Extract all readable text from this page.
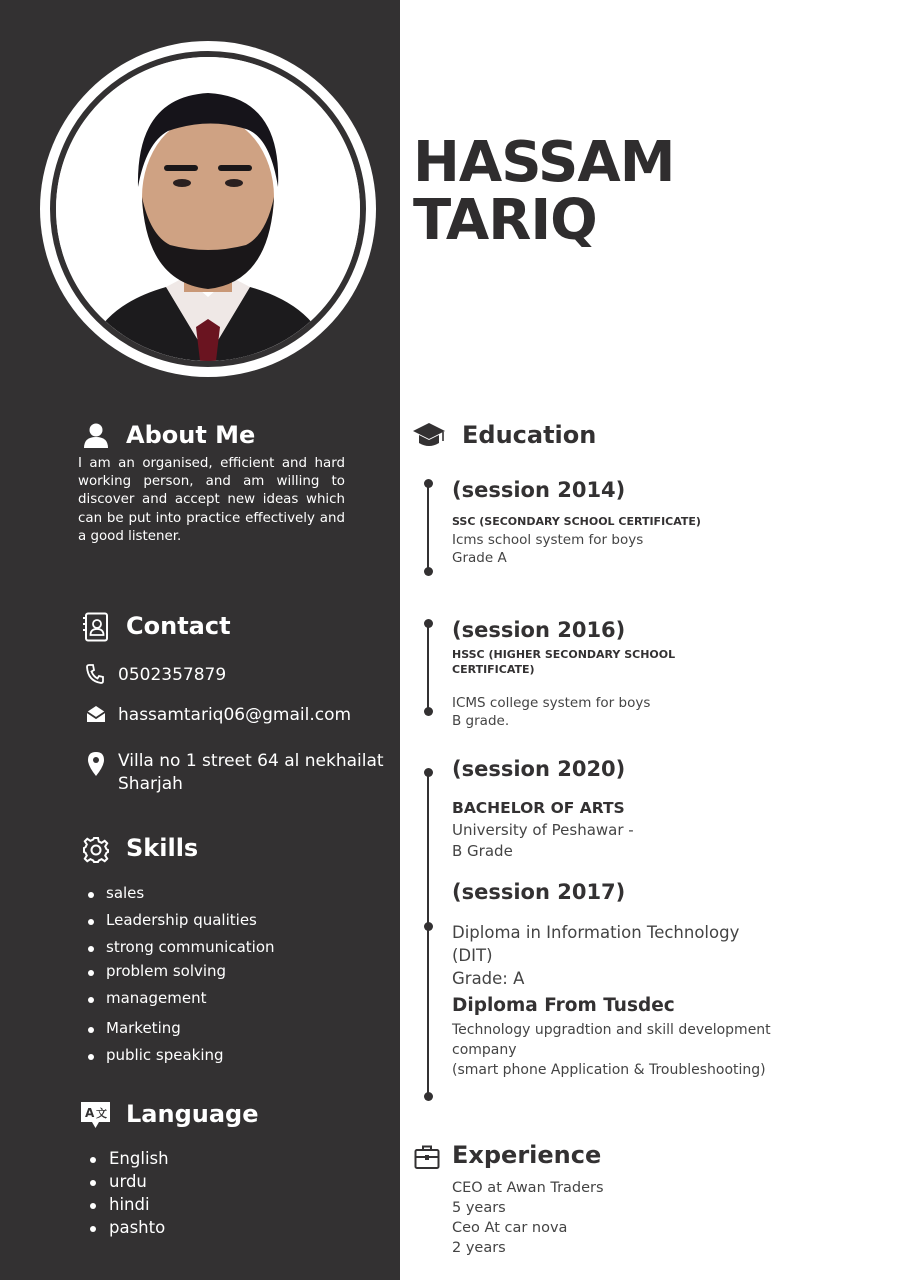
HASSAM
TARIQ
About Me
I am an organised, efficient and hard working person, and am willing to discover and accept new ideas which can be put into practice effectively and a good listener.
Contact
0502357879
hassamtariq06@gmail.com
Villa no 1 street 64 al nekhailat
Sharjah
Skills
sales
Leadership qualities
strong communication
problem solving
management
Marketing
public speaking
A 文 Language
English
urdu
hindi
pashto
Education
(session 2014)
SSC (SECONDARY SCHOOL CERTIFICATE)
Icms school system for boys
Grade A
(session 2016)
HSSC (HIGHER SECONDARY SCHOOL
CERTIFICATE)
ICMS college system for boys
B grade.
(session 2020)
BACHELOR OF ARTS
University of Peshawar -
B Grade
(session 2017)
Diploma in Information Technology
(DIT)
Grade: A
Diploma From Tusdec
Technology upgradtion and skill development
company
(smart phone Application & Troubleshooting)
Experience
CEO at Awan Traders
5 years
Ceo At car nova
2 years
